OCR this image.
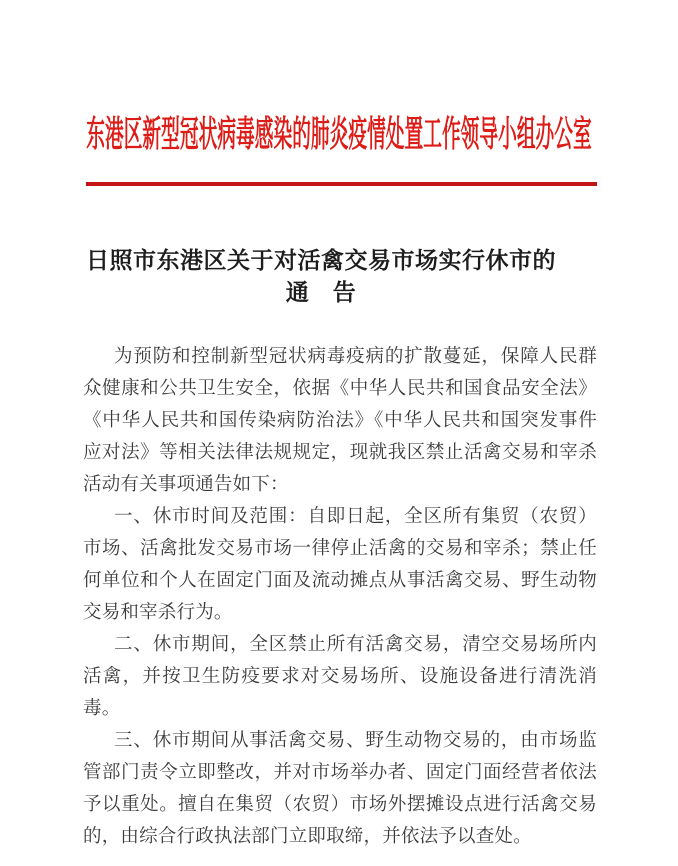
东港区新型冠状病毒感染的肺炎疫情处置工作领导小组办公室
日照市东港区关于对活禽交易市场实行休市的
通　告

为预防和控制新型冠状病毒疫病的扩散蔓延，保障人民群众健康和公共卫生安全，依据《中华人民共和国食品安全法》《中华人民共和国传染病防治法》《中华人民共和国突发事件应对法》等相关法律法规规定，现就我区禁止活禽交易和宰杀活动有关事项通告如下：

一、休市时间及范围：自即日起，全区所有集贸（农贸）市场、活禽批发交易市场一律停止活禽的交易和宰杀；禁止任何单位和个人在固定门面及流动摊点从事活禽交易、野生动物交易和宰杀行为。

二、休市期间，全区禁止所有活禽交易，清空交易场所内活禽，并按卫生防疫要求对交易场所、设施设备进行清洗消毒。

三、休市期间从事活禽交易、野生动物交易的，由市场监管部门责令立即整改，并对市场举办者、固定门面经营者依法予以重处。擅自在集贸（农贸）市场外摆摊设点进行活禽交易的，由综合行政执法部门立即取缔，并依法予以查处。
